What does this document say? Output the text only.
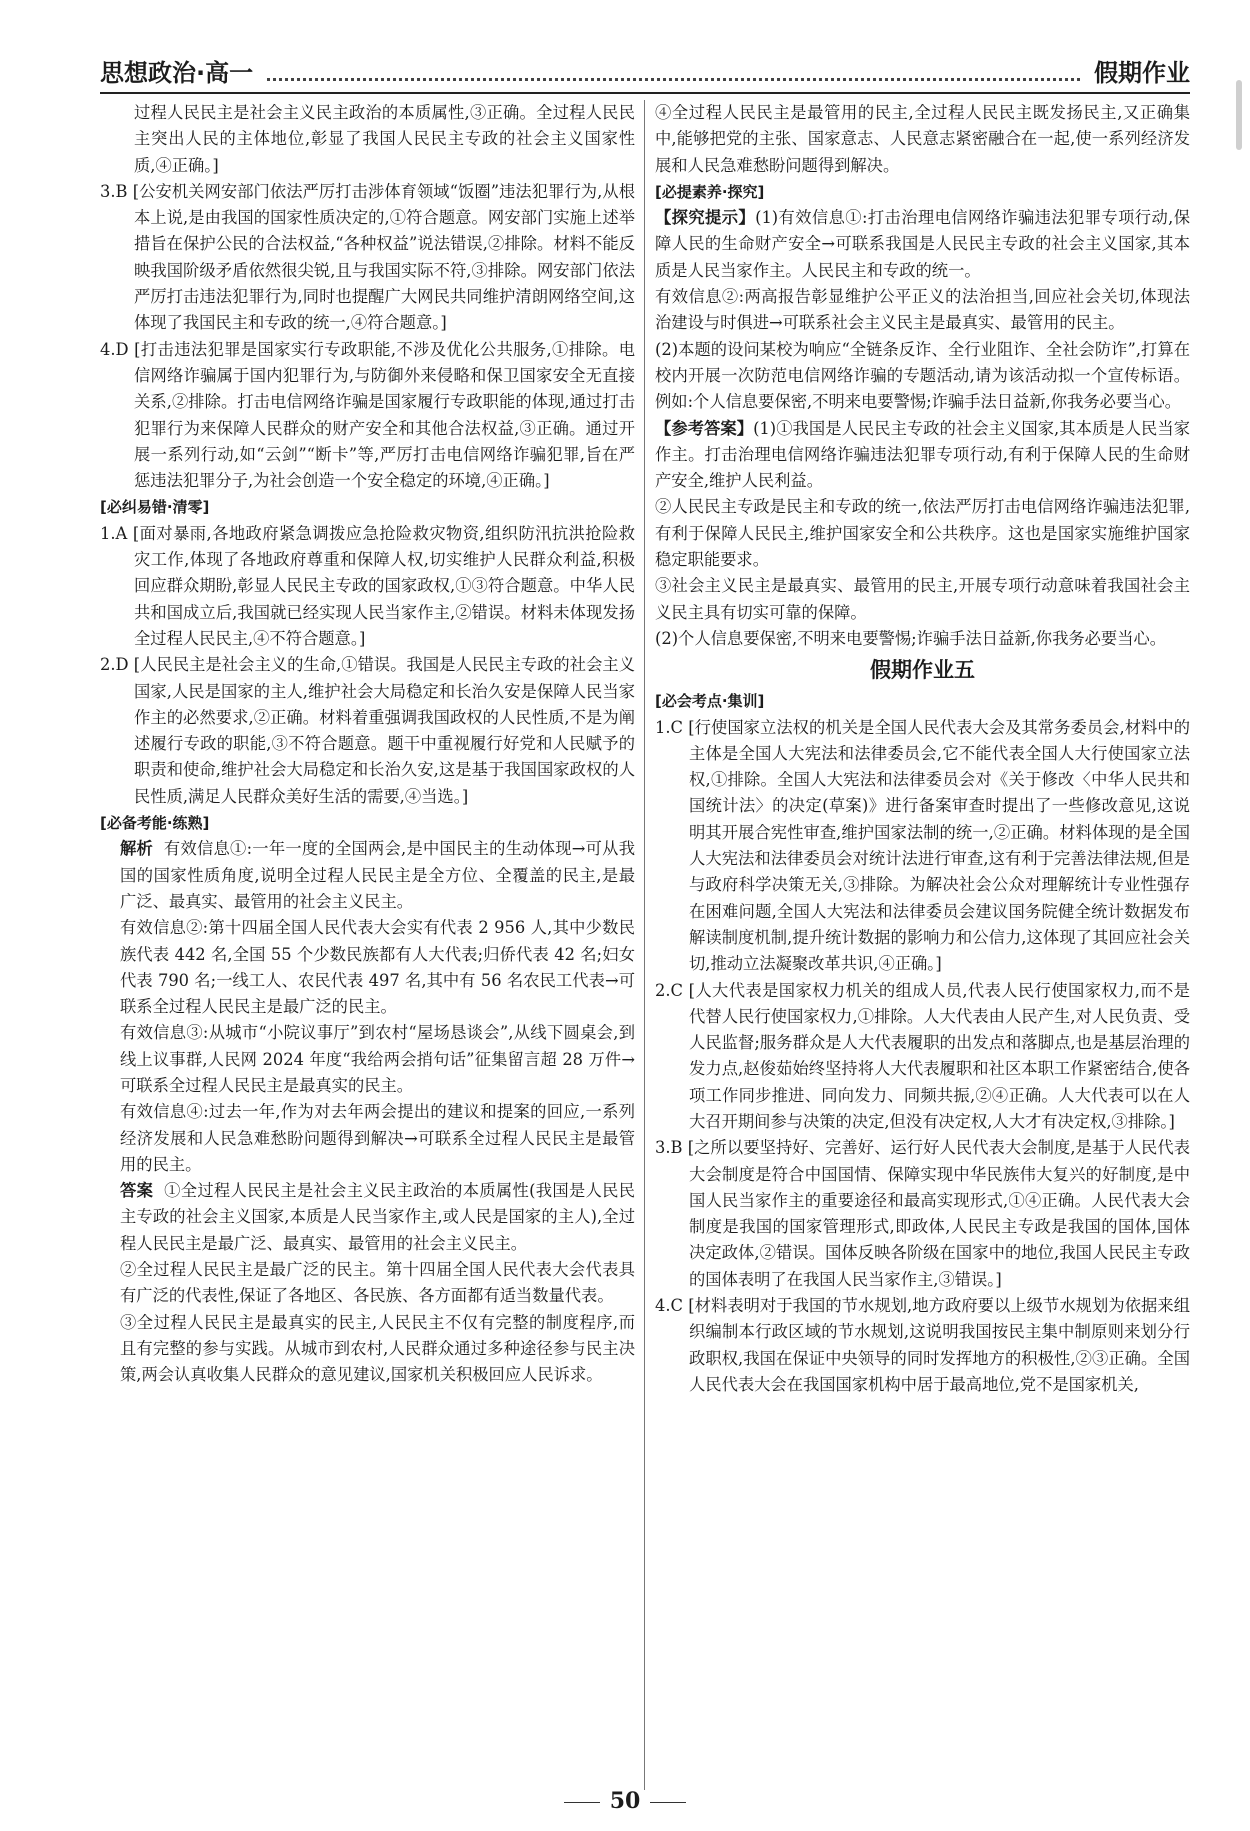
思想政治·高一	假期作业

过程人民民主是社会主义民主政治的本质属性,③正确。全过程人民民主突出人民的主体地位,彰显了我国人民民主专政的社会主义国家性质,④正确。]

3.B [公安机关网安部门依法严厉打击涉体育领域“饭圈”违法犯罪行为,从根本上说,是由我国的国家性质决定的,①符合题意。网安部门实施上述举措旨在保护公民的合法权益,“各种权益”说法错误,②排除。材料不能反映我国阶级矛盾依然很尖锐,且与我国实际不符,③排除。网安部门依法严厉打击违法犯罪行为,同时也提醒广大网民共同维护清朗网络空间,这体现了我国民主和专政的统一,④符合题意。]

4.D [打击违法犯罪是国家实行专政职能,不涉及优化公共服务,①排除。电信网络诈骗属于国内犯罪行为,与防御外来侵略和保卫国家安全无直接关系,②排除。打击电信网络诈骗是国家履行专政职能的体现,通过打击犯罪行为来保障人民群众的财产安全和其他合法权益,③正确。通过开展一系列行动,如“云剑”“断卡”等,严厉打击电信网络诈骗犯罪,旨在严惩违法犯罪分子,为社会创造一个安全稳定的环境,④正确。]

[必纠易错·清零]

1.A [面对暴雨,各地政府紧急调拨应急抢险救灾物资,组织防汛抗洪抢险救灾工作,体现了各地政府尊重和保障人权,切实维护人民群众利益,积极回应群众期盼,彰显人民民主专政的国家政权,①③符合题意。中华人民共和国成立后,我国就已经实现人民当家作主,②错误。材料未体现发扬全过程人民民主,④不符合题意。]

2.D [人民民主是社会主义的生命,①错误。我国是人民民主专政的社会主义国家,人民是国家的主人,维护社会大局稳定和长治久安是保障人民当家作主的必然要求,②正确。材料着重强调我国政权的人民性质,不是为阐述履行专政的职能,③不符合题意。题干中重视履行好党和人民赋予的职责和使命,维护社会大局稳定和长治久安,这是基于我国国家政权的人民性质,满足人民群众美好生活的需要,④当选。]

[必备考能·练熟]

解析 有效信息①:一年一度的全国两会,是中国民主的生动体现→可从我国的国家性质角度,说明全过程人民民主是全方位、全覆盖的民主,是最广泛、最真实、最管用的社会主义民主。

有效信息②:第十四届全国人民代表大会实有代表 2 956 人,其中少数民族代表 442 名,全国 55 个少数民族都有人大代表;归侨代表 42 名;妇女代表 790 名;一线工人、农民代表 497 名,其中有 56 名农民工代表→可联系全过程人民民主是最广泛的民主。

有效信息③:从城市“小院议事厅”到农村“屋场恳谈会”,从线下圆桌会,到线上议事群,人民网 2024 年度“我给两会捎句话”征集留言超 28 万件→可联系全过程人民民主是最真实的民主。

有效信息④:过去一年,作为对去年两会提出的建议和提案的回应,一系列经济发展和人民急难愁盼问题得到解决→可联系全过程人民民主是最管用的民主。

答案 ①全过程人民民主是社会主义民主政治的本质属性(我国是人民民主专政的社会主义国家,本质是人民当家作主,或人民是国家的主人),全过程人民民主是最广泛、最真实、最管用的社会主义民主。

②全过程人民民主是最广泛的民主。第十四届全国人民代表大会代表具有广泛的代表性,保证了各地区、各民族、各方面都有适当数量代表。

③全过程人民民主是最真实的民主,人民民主不仅有完整的制度程序,而且有完整的参与实践。从城市到农村,人民群众通过多种途径参与民主决策,两会认真收集人民群众的意见建议,国家机关积极回应人民诉求。

④全过程人民民主是最管用的民主,全过程人民民主既发扬民主,又正确集中,能够把党的主张、国家意志、人民意志紧密融合在一起,使一系列经济发展和人民急难愁盼问题得到解决。

[必提素养·探究]

【探究提示】(1)有效信息①:打击治理电信网络诈骗违法犯罪专项行动,保障人民的生命财产安全→可联系我国是人民民主专政的社会主义国家,其本质是人民当家作主。人民民主和专政的统一。

有效信息②:两高报告彰显维护公平正义的法治担当,回应社会关切,体现法治建设与时俱进→可联系社会主义民主是最真实、最管用的民主。

(2)本题的设问某校为响应“全链条反诈、全行业阻诈、全社会防诈”,打算在校内开展一次防范电信网络诈骗的专题活动,请为该活动拟一个宣传标语。例如:个人信息要保密,不明来电要警惕;诈骗手法日益新,你我务必要当心。

【参考答案】(1)①我国是人民民主专政的社会主义国家,其本质是人民当家作主。打击治理电信网络诈骗违法犯罪专项行动,有利于保障人民的生命财产安全,维护人民利益。

②人民民主专政是民主和专政的统一,依法严厉打击电信网络诈骗违法犯罪,有利于保障人民民主,维护国家安全和公共秩序。这也是国家实施维护国家稳定职能要求。

③社会主义民主是最真实、最管用的民主,开展专项行动意味着我国社会主义民主具有切实可靠的保障。

(2)个人信息要保密,不明来电要警惕;诈骗手法日益新,你我务必要当心。

假期作业五

[必会考点·集训]

1.C [行使国家立法权的机关是全国人民代表大会及其常务委员会,材料中的主体是全国人大宪法和法律委员会,它不能代表全国人大行使国家立法权,①排除。全国人大宪法和法律委员会对《关于修改〈中华人民共和国统计法〉的决定(草案)》进行备案审查时提出了一些修改意见,这说明其开展合宪性审查,维护国家法制的统一,②正确。材料体现的是全国人大宪法和法律委员会对统计法进行审查,这有利于完善法律法规,但是与政府科学决策无关,③排除。为解决社会公众对理解统计专业性强存在困难问题,全国人大宪法和法律委员会建议国务院健全统计数据发布解读制度机制,提升统计数据的影响力和公信力,这体现了其回应社会关切,推动立法凝聚改革共识,④正确。]

2.C [人大代表是国家权力机关的组成人员,代表人民行使国家权力,而不是代替人民行使国家权力,①排除。人大代表由人民产生,对人民负责、受人民监督;服务群众是人大代表履职的出发点和落脚点,也是基层治理的发力点,赵俊茹始终坚持将人大代表履职和社区本职工作紧密结合,使各项工作同步推进、同向发力、同频共振,②④正确。人大代表可以在人大召开期间参与决策的决定,但没有决定权,人大才有决定权,③排除。]

3.B [之所以要坚持好、完善好、运行好人民代表大会制度,是基于人民代表大会制度是符合中国国情、保障实现中华民族伟大复兴的好制度,是中国人民当家作主的重要途径和最高实现形式,①④正确。人民代表大会制度是我国的国家管理形式,即政体,人民民主专政是我国的国体,国体决定政体,②错误。国体反映各阶级在国家中的地位,我国人民民主专政的国体表明了在我国人民当家作主,③错误。]

4.C [材料表明对于我国的节水规划,地方政府要以上级节水规划为依据来组织编制本行政区域的节水规划,这说明我国按民主集中制原则来划分行政职权,我国在保证中央领导的同时发挥地方的积极性,②③正确。全国人民代表大会在我国国家机构中居于最高地位,党不是国家机关,

50
